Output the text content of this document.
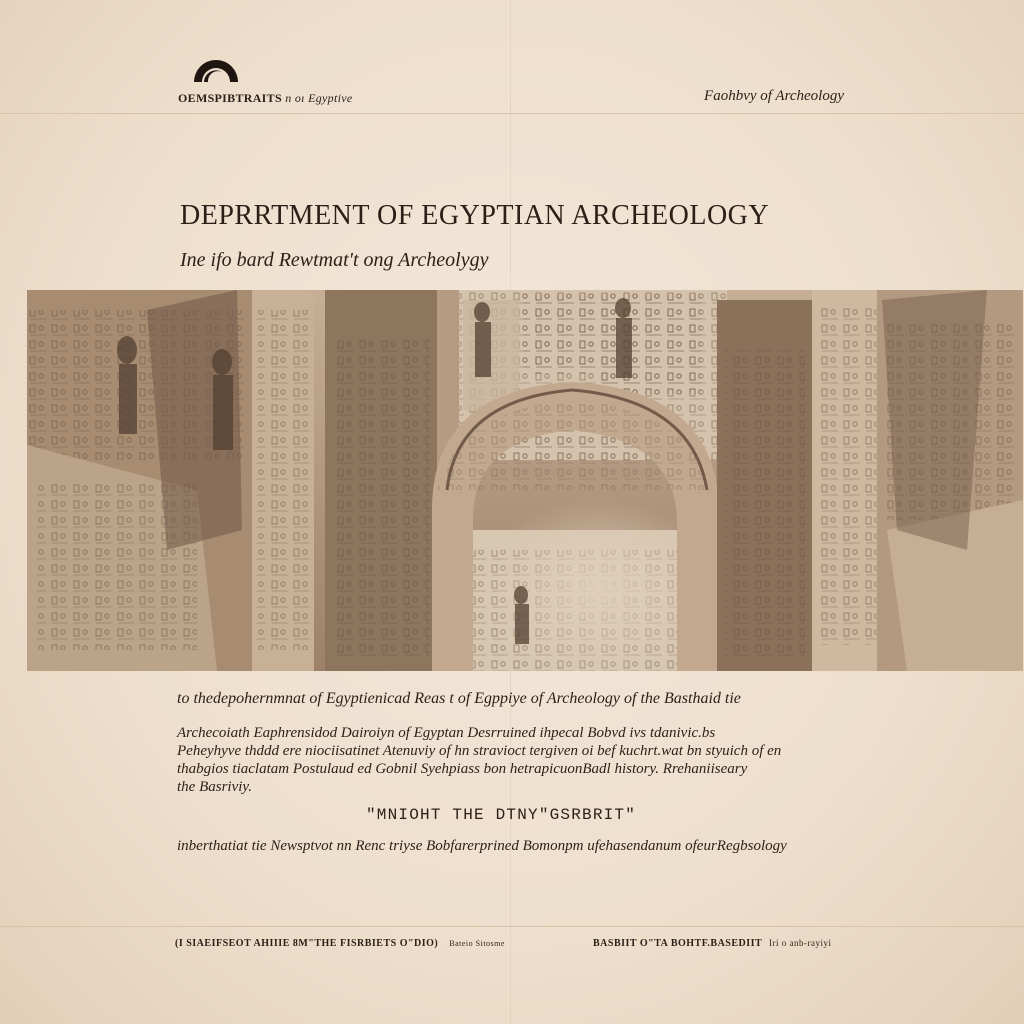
OEMSPIBTRAITS n oı Egyptive	Faohbvy of Archeology
DEPRRTMENT OF EGYPTIAN ARCHEOLOGY
Ine ifo bard Rewtmat't ong Archeolygy
to thedepohernmnat of Egyptienicad Reas t of Egppiye of Archeology of the Basthaid tie
Archecoiath Eaphrensidod Dairoiyn of Egyptan Desrruined ihpecal Bobvd ivs tdanivic.bs
Peheyhyve thddd ere niociisatinet Atenuviy of hn stravioct tergiven oi bef kuchrt.wat bn styuich of en
thabgios tiaclatam Postulaud ed Gobnil Syehpiass bon hetrapicuonBadl history. Rrehaniiseary
the Basriviy.
"MNIOHT THE DTNY"GSRBRIT"
inberthatiat tie Newsptvot nn Renc triyse Bobfarerprined Bomonpm ufehasendanum ofeurRegbsology
(I SIAEIFSEOT AHIIIE 8M"THE FISRBIETS O"DIO) Bateio Sitosme	BASBIIT O"TA BOHTF.BASEDIIT Iri o anb-rayiyi
